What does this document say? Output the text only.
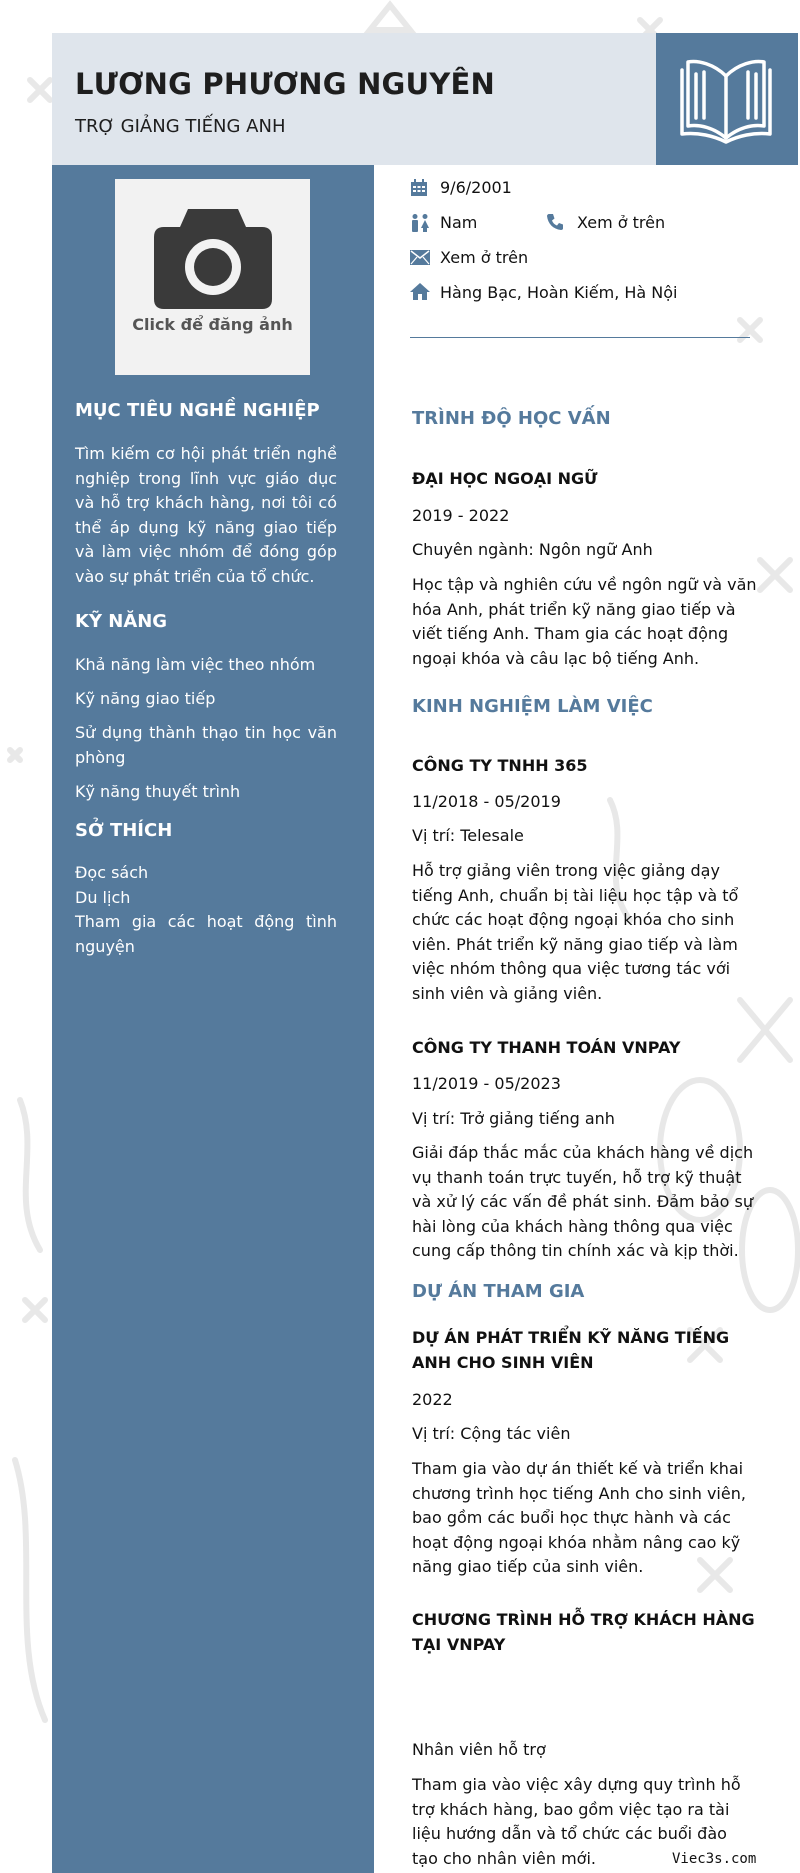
LƯƠNG PHƯƠNG NGUYÊN
TRỢ GIẢNG TIẾNG ANH
Click để đăng ảnh
MỤC TIÊU NGHỀ NGHIỆP
Tìm kiếm cơ hội phát triển nghề nghiệp trong lĩnh vực giáo dục và hỗ trợ khách hàng, nơi tôi có thể áp dụng kỹ năng giao tiếp và làm việc nhóm để đóng góp vào sự phát triển của tổ chức.
KỸ NĂNG
Khả năng làm việc theo nhóm
Kỹ năng giao tiếp
Sử dụng thành thạo tin học văn phòng
Kỹ năng thuyết trình
SỞ THÍCH
Đọc sách
Du lịch
Tham gia các hoạt động tình nguyện
9/6/2001
Nam	Xem ở trên
Xem ở trên
Hàng Bạc, Hoàn Kiếm, Hà Nội
TRÌNH ĐỘ HỌC VẤN
ĐẠI HỌC NGOẠI NGỮ
2019 - 2022
Chuyên ngành: Ngôn ngữ Anh
Học tập và nghiên cứu về ngôn ngữ và văn hóa Anh, phát triển kỹ năng giao tiếp và viết tiếng Anh. Tham gia các hoạt động ngoại khóa và câu lạc bộ tiếng Anh.
KINH NGHIỆM LÀM VIỆC
CÔNG TY TNHH 365
11/2018 - 05/2019
Vị trí: Telesale
Hỗ trợ giảng viên trong việc giảng dạy tiếng Anh, chuẩn bị tài liệu học tập và tổ chức các hoạt động ngoại khóa cho sinh viên. Phát triển kỹ năng giao tiếp và làm việc nhóm thông qua việc tương tác với sinh viên và giảng viên.
CÔNG TY THANH TOÁN VNPAY
11/2019 - 05/2023
Vị trí: Trở giảng tiếng anh
Giải đáp thắc mắc của khách hàng về dịch vụ thanh toán trực tuyến, hỗ trợ kỹ thuật và xử lý các vấn đề phát sinh. Đảm bảo sự hài lòng của khách hàng thông qua việc cung cấp thông tin chính xác và kịp thời.
DỰ ÁN THAM GIA
DỰ ÁN PHÁT TRIỂN KỸ NĂNG TIẾNG ANH CHO SINH VIÊN
2022
Vị trí: Cộng tác viên
Tham gia vào dự án thiết kế và triển khai chương trình học tiếng Anh cho sinh viên, bao gồm các buổi học thực hành và các hoạt động ngoại khóa nhằm nâng cao kỹ năng giao tiếp của sinh viên.
CHƯƠNG TRÌNH HỖ TRỢ KHÁCH HÀNG TẠI VNPAY
Nhân viên hỗ trợ
Tham gia vào việc xây dựng quy trình hỗ trợ khách hàng, bao gồm việc tạo ra tài liệu hướng dẫn và tổ chức các buổi đào tạo cho nhân viên mới.	Viec3s.com
